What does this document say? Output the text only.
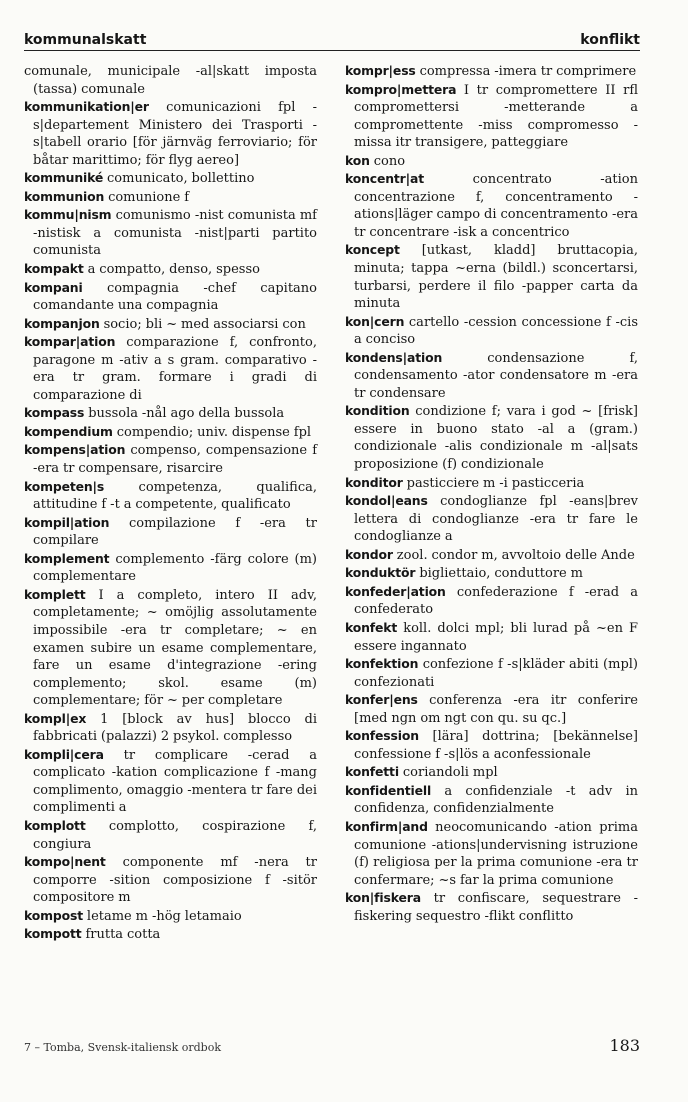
kommunalskatt	konflikt

comunale, municipale -al|skatt imposta (tassa) comunale

kommunikation|er comunicazioni fpl -s|departement Ministero dei Trasporti -s|tabell orario [för järnväg ferroviario; för båtar marittimo; för flyg aereo]

kommuniké comunicato, bollettino

kommunion comunione f

kommu|nism comunismo -nist comunista mf -nistisk a comunista -nist|parti partito comunista

kompakt a compatto, denso, spesso

kompani compagnia -chef capitano comandante una compagnia

kompanjon socio; bli ~ med associarsi con

kompar|ation comparazione f, confronto, paragone m -ativ a s gram. comparativo -era tr gram. formare i gradi di comparazione di

kompass bussola -nål ago della bussola

kompendium compendio; univ. dispense fpl

kompens|ation compenso, compensazione f -era tr compensare, risarcire

kompeten|s	competenza, qualifica, attitudine f -t a competente, qualificato

kompil|ation compilazione f -era tr compilare

komplement complemento -färg colore (m) complementare

komplett I a completo, intero II adv, completamente; ~ omöjlig assolutamente impossibile -era tr completare; ~ en examen subire un esame complementare, fare un esame d'integrazione -ering complemento; skol. esame (m) complementare; för ~ per completare

kompl|ex 1 [block av hus] blocco di fabbricati (palazzi) 2 psykol. complesso

kompli|cera tr complicare -cerad a complicato -kation complicazione f -mang complimento, omaggio -mentera tr fare dei complimenti a

komplott complotto, cospirazione f, congiura

kompo|nent componente mf -nera tr comporre -sition composizione f -sitör compositore m

kompost letame m -hög letamaio

kompott frutta cotta

kompr|ess compressa -imera tr comprimere

kompro|mettera I tr compromettere II rfl compromettersi -metterande a compromettente -miss compromesso -missa itr transigere, patteggiare

kon cono

koncentr|at	concentrato -ation concentrazione f, concentramento -ations|läger campo di concentramento -era tr concentrare -isk a concentrico

koncept [utkast, kladd] bruttacopia, minuta; tappa ~erna (bildl.) sconcertarsi, turbarsi, perdere il filo -papper carta da minuta

kon|cern cartello -cession concessione f -cis a conciso

kondens|ation	condensazione f, condensamento -ator condensatore m -era tr condensare

kondition condizione f; vara i god ~ [frisk] essere in buono stato -al a (gram.) condizionale -alis condizionale m -al|sats proposizione (f) condizionale

konditor pasticciere m -i pasticceria

kondol|eans condoglianze fpl -eans|brev lettera di condoglianze -era tr fare le condoglianze a

kondor zool. condor m, avvoltoio delle Ande

konduktör bigliettaio, conduttore m

konfeder|ation confederazione f -erad a confederato

konfekt koll. dolci mpl; bli lurad på ~en F essere ingannato

konfektion confezione f -s|kläder abiti (mpl) confezionati

konfer|ens conferenza -era itr conferire [med ngn om ngt con qu. su qc.]

konfession [lära] dottrina; [bekännelse] confessione f -s|lös a aconfessionale

konfetti coriandoli mpl

konfidentiell a confidenziale -t adv in confidenza, confidenzialmente

konfirm|and neocomunicando -ation prima comunione -ations|undervisning istruzione (f) religiosa per la prima comunione -era tr confermare; ~s far la prima comunione

kon|fiskera tr confiscare, sequestrare -fiskering sequestro -flikt conflitto

7 – Tomba, Svensk-italiensk ordbok	183
